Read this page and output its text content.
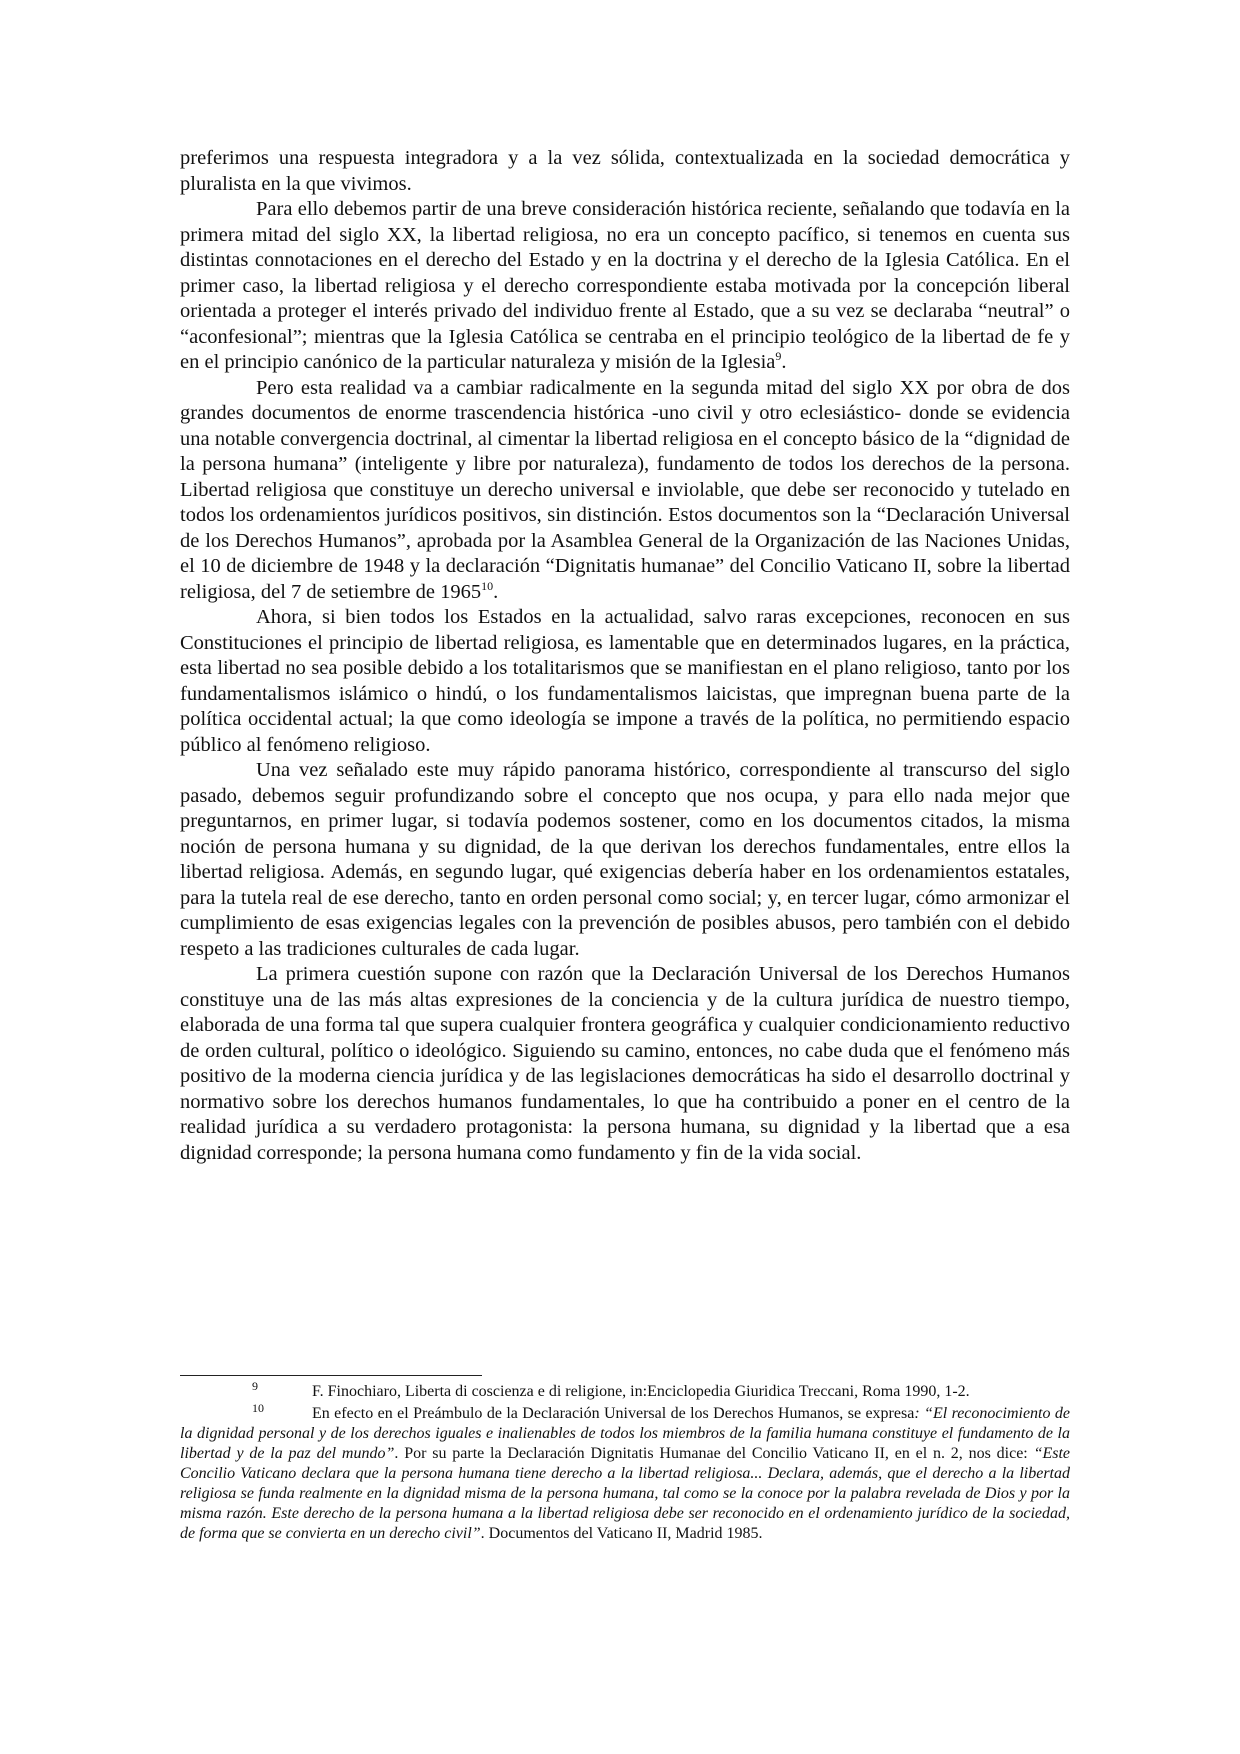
preferimos una respuesta integradora y a la vez sólida, contextualizada en la sociedad democrática y pluralista en la que vivimos.

Para ello debemos partir de una breve consideración histórica reciente, señalando que todavía en la primera mitad del siglo XX, la libertad religiosa, no era un concepto pacífico, si tenemos en cuenta sus distintas connotaciones en el derecho del Estado y en la doctrina y el derecho de la Iglesia Católica. En el primer caso, la libertad religiosa y el derecho correspondiente estaba motivada por la concepción liberal orientada a proteger el interés privado del individuo frente al Estado, que a su vez se declaraba “neutral” o “aconfesional”; mientras que la Iglesia Católica se centraba en el principio teológico de la libertad de fe y en el principio canónico de la particular naturaleza y misión de la Iglesia$^9$.

Pero esta realidad va a cambiar radicalmente en la segunda mitad del siglo XX por obra de dos grandes documentos de enorme trascendencia histórica -uno civil y otro eclesiástico- donde se evidencia una notable convergencia doctrinal, al cimentar la libertad religiosa en el concepto básico de la “dignidad de la persona humana” (inteligente y libre por naturaleza), fundamento de todos los derechos de la persona. Libertad religiosa que constituye un derecho universal e inviolable, que debe ser reconocido y tutelado en todos los ordenamientos jurídicos positivos, sin distinción. Estos documentos son la “Declaración Universal de los Derechos Humanos”, aprobada por la Asamblea General de la Organización de las Naciones Unidas, el 10 de diciembre de 1948 y la declaración “Dignitatis humanae” del Concilio Vaticano II, sobre la libertad religiosa, del 7 de setiembre de 1965$^{10}$.

Ahora, si bien todos los Estados en la actualidad, salvo raras excepciones, reconocen en sus Constituciones el principio de libertad religiosa, es lamentable que en determinados lugares, en la práctica, esta libertad no sea posible debido a los totalitarismos que se manifiestan en el plano religioso, tanto por los fundamentalismos islámico o hindú, o los fundamentalismos laicistas, que impregnan buena parte de la política occidental actual; la que como ideología se impone a través de la política, no permitiendo espacio público al fenómeno religioso.

Una vez señalado este muy rápido panorama histórico, correspondiente al transcurso del siglo pasado, debemos seguir profundizando sobre el concepto que nos ocupa, y para ello nada mejor que preguntarnos, en primer lugar, si todavía podemos sostener, como en los documentos citados, la misma noción de persona humana y su dignidad, de la que derivan los derechos fundamentales, entre ellos la libertad religiosa. Además, en segundo lugar, qué exigencias debería haber en los ordenamientos estatales, para la tutela real de ese derecho, tanto en orden personal como social; y, en tercer lugar, cómo armonizar el cumplimiento de esas exigencias legales con la prevención de posibles abusos, pero también con el debido respeto a las tradiciones culturales de cada lugar.

La primera cuestión supone con razón que la Declaración Universal de los Derechos Humanos constituye una de las más altas expresiones de la conciencia y de la cultura jurídica de nuestro tiempo, elaborada de una forma tal que supera cualquier frontera geográfica y cualquier condicionamiento reductivo de orden cultural, político o ideológico. Siguiendo su camino, entonces, no cabe duda que el fenómeno más positivo de la moderna ciencia jurídica y de las legislaciones democráticas ha sido el desarrollo doctrinal y normativo sobre los derechos humanos fundamentales, lo que ha contribuido a poner en el centro de la realidad jurídica a su verdadero protagonista: la persona humana, su dignidad y la libertad que a esa dignidad corresponde; la persona humana como fundamento y fin de la vida social.

9	F. Finochiaro, Liberta di coscienza e di religione, in:Enciclopedia Giuridica Treccani, Roma 1990, 1-2.

10	En efecto en el Preámbulo de la Declaración Universal de los Derechos Humanos, se expresa: “El reconocimiento de la dignidad personal y de los derechos iguales e inalienables de todos los miembros de la familia humana constituye el fundamento de la libertad y de la paz del mundo”. Por su parte la Declaración Dignitatis Humanae del Concilio Vaticano II, en el n. 2, nos dice: “Este Concilio Vaticano declara que la persona humana tiene derecho a la libertad religiosa... Declara, además, que el derecho a la libertad religiosa se funda realmente en la dignidad misma de la persona humana, tal como se la conoce por la palabra revelada de Dios y por la misma razón. Este derecho de la persona humana a la libertad religiosa debe ser reconocido en el ordenamiento jurídico de la sociedad, de forma que se convierta en un derecho civil”. Documentos del Vaticano II, Madrid 1985.
